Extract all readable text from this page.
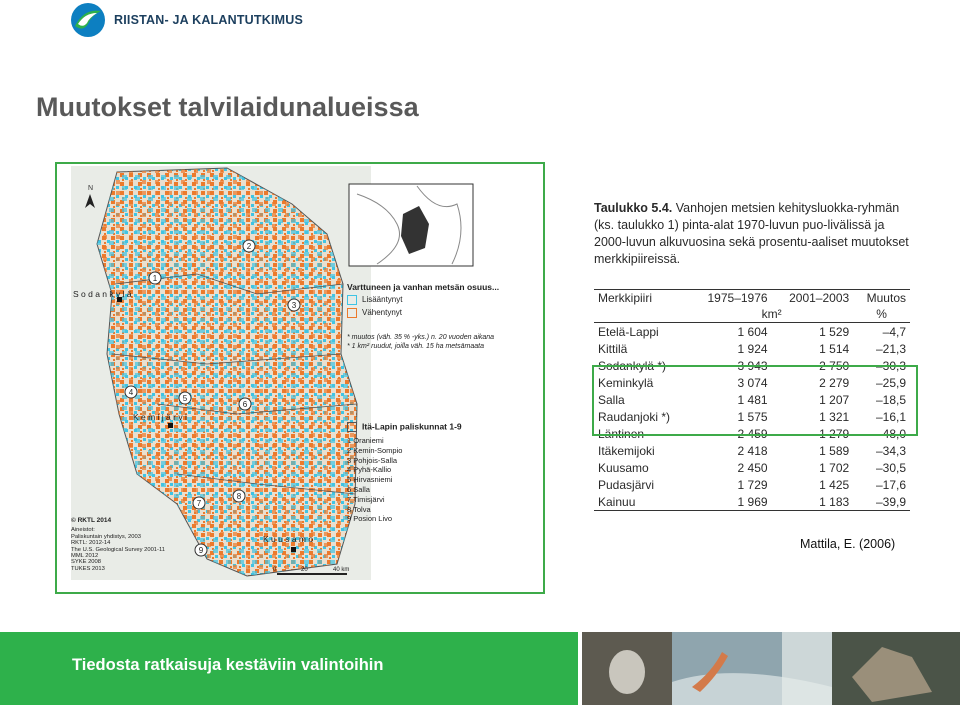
RIISTAN- JA KALANTUTKIMUS
Muutokset talvilaidunalueissa
N
1
2
3
4
5
6
7
8
9
S o d a n k y l ä
K e m i j ä r v i
K u u s a m o
0	20	40 km
Varttuneen ja vanhan metsän osuus...
Lisääntynyt
Vähentynyt
* muutos (väh. 35 % -yks.) n. 20 vuoden aikana
* 1 km² ruudut, joilla väh. 15 ha metsämaata
Itä-Lapin paliskunnat 1-9
1 Oraniemi
2 Kemin-Sompio
3 Pohjois-Salla
4 Pyhä-Kallio
5 Hirvasniemi
6 Salla
7 Timisjärvi
8 Tolva
9 Posion Livo
© RKTL 2014
Aineistot:
Paliskuntain yhdistys, 2003
RKTL: 2012-14
The U.S. Geological Survey 2001-11
MML 2012
SYKE 2008
TUKES 2013
Taulukko 5.4. Vanhojen metsien kehitysluokka-ryhmän (ks. taulukko 1) pinta-alat 1970-luvun puo-livälissä ja 2000-luvun alkuvuosina sekä prosentu-aaliset muutokset merkkipiireissä.
Merkkipiiri	1975–1976	2001–2003	Muutos
	km²		%
Etelä-Lappi	1 604	1 529	–4,7
Kittilä	1 924	1 514	–21,3
Sodankylä *)	3 943	2 750	–30,3
Keminkylä	3 074	2 279	–25,9
Salla	1 481	1 207	–18,5
Raudanjoki *)	1 575	1 321	–16,1
Läntinen	2 459	1 279	–48,0
Itäkemijoki	2 418	1 589	–34,3
Kuusamo	2 450	1 702	–30,5
Pudasjärvi	1 729	1 425	–17,6
Kainuu	1 969	1 183	–39,9
Mattila, E. (2006)
Tiedosta ratkaisuja kestäviin valintoihin
